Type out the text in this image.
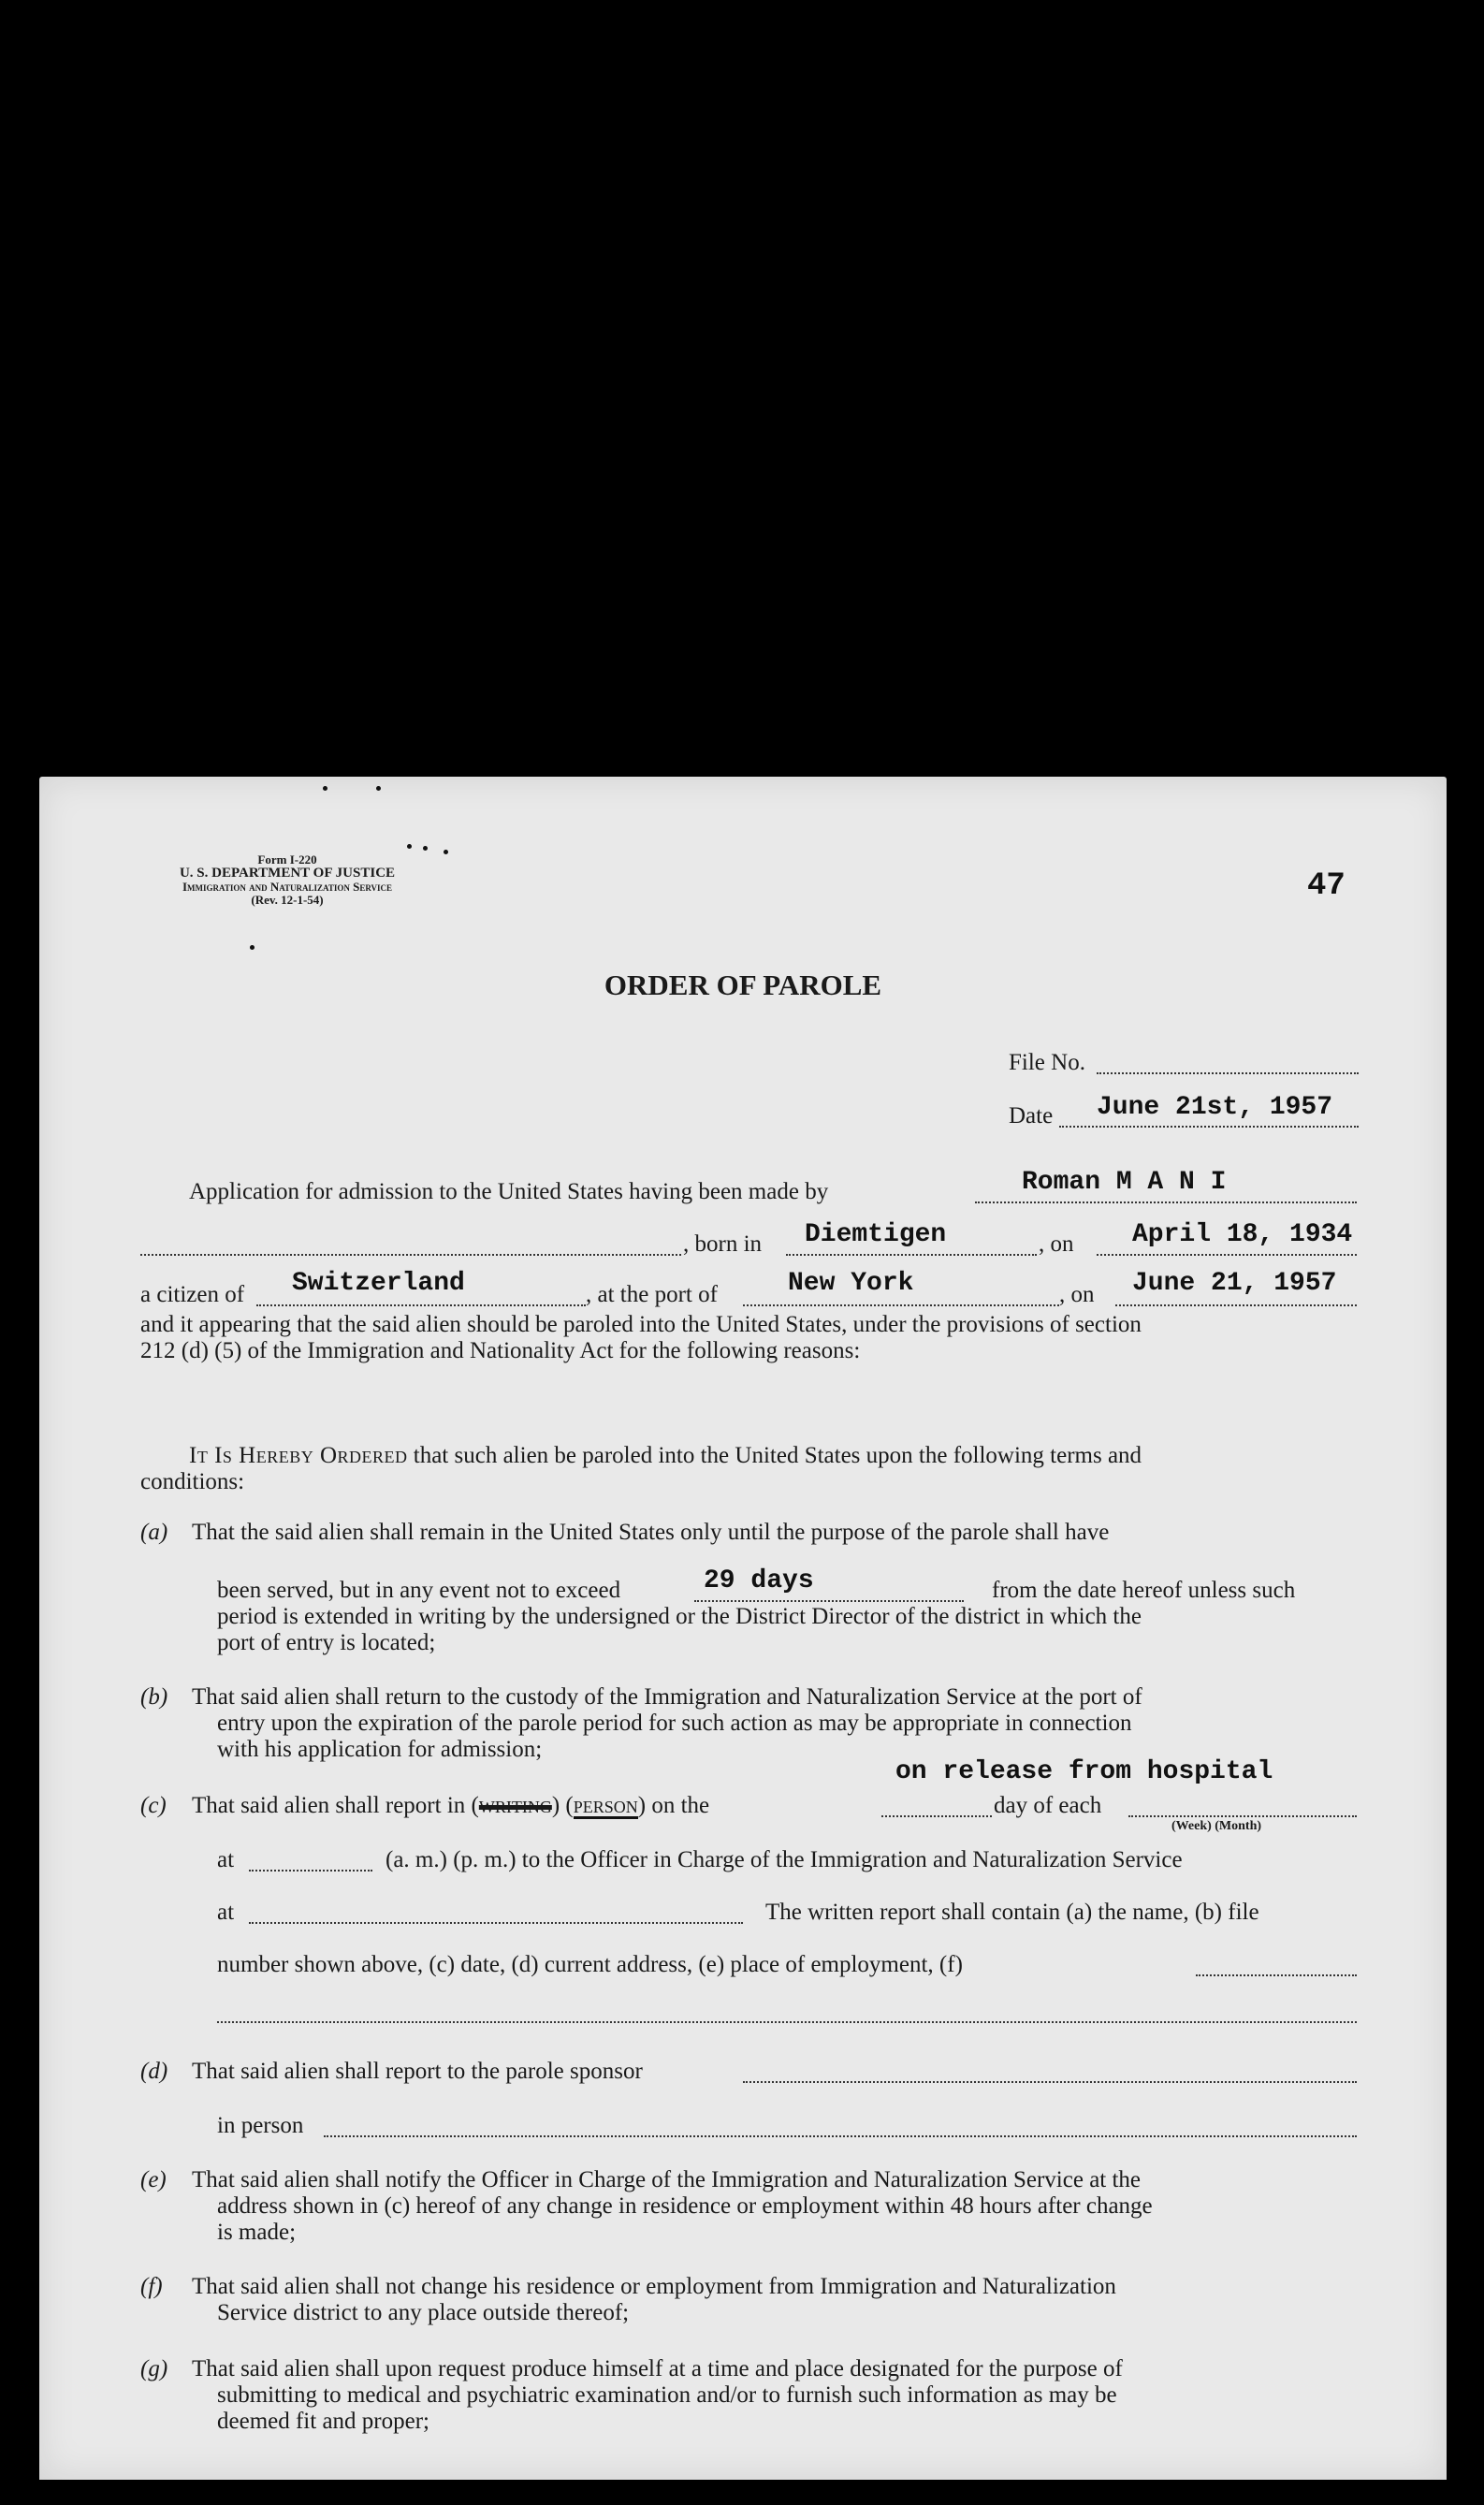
Form I-220
U. S. DEPARTMENT OF JUSTICE
Immigration and Naturalization Service
(Rev. 12-1-54)	47
ORDER OF PAROLE
File No.
Date June 21st, 1957
Application for admission to the United States having been made by	Roman M A N I
, born in Diemtigen	, on April 18, 1934
a citizen of Switzerland	, at the port of	New York	, on June 21, 1957
and it appearing that the said alien should be paroled into the United States, under the provisions of section
212 (d) (5) of the Immigration and Nationality Act for the following reasons:
It Is Hereby Ordered that such alien be paroled into the United States upon the following terms and
conditions:
(a) That the said alien shall remain in the United States only until the purpose of the parole shall have
been served, but in any event not to exceed	29 days	from the date hereof unless such
period is extended in writing by the undersigned or the District Director of the district in which the
port of entry is located;
(b) That said alien shall return to the custody of the Immigration and Naturalization Service at the port of
entry upon the expiration of the parole period for such action as may be appropriate in connection
with his application for admission;
on release from hospital
(c) That said alien shall report in (WRITING) (PERSON) on the	day of each
(Week) (Month)
at	(a. m.) (p. m.) to the Officer in Charge of the Immigration and Naturalization Service
at	The written report shall contain (a) the name, (b) file
number shown above, (c) date, (d) current address, (e) place of employment, (f)
(d) That said alien shall report to the parole sponsor
in person
(e) That said alien shall notify the Officer in Charge of the Immigration and Naturalization Service at the
address shown in (c) hereof of any change in residence or employment within 48 hours after change
is made;
(f) That said alien shall not change his residence or employment from Immigration and Naturalization
Service district to any place outside thereof;
(g) That said alien shall upon request produce himself at a time and place designated for the purpose of
submitting to medical and psychiatric examination and/or to furnish such information as may be
deemed fit and proper;
